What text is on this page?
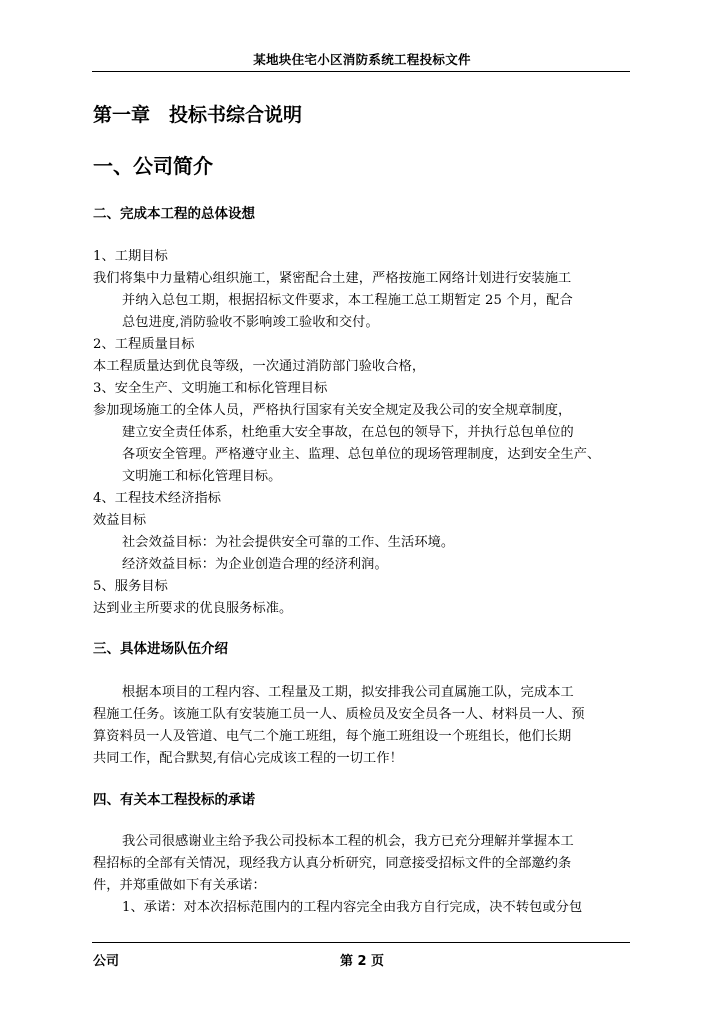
某地块住宅小区消防系统工程投标文件
第一章　投标书综合说明
一、公司简介
二、完成本工程的总体设想
1、工期目标
我们将集中力量精心组织施工，紧密配合土建，严格按施工网络计划进行安装施工
并纳入总包工期，根据招标文件要求，本工程施工总工期暂定 25 个月，配合
总包进度,消防验收不影响竣工验收和交付。
2、工程质量目标
本工程质量达到优良等级，一次通过消防部门验收合格，
3、安全生产、文明施工和标化管理目标
参加现场施工的全体人员，严格执行国家有关安全规定及我公司的安全规章制度，
建立安全责任体系，杜绝重大安全事故，在总包的领导下，并执行总包单位的
各项安全管理。严格遵守业主、监理、总包单位的现场管理制度，达到安全生产、
文明施工和标化管理目标。
4、工程技术经济指标
效益目标
社会效益目标：为社会提供安全可靠的工作、生活环境。
经济效益目标：为企业创造合理的经济利润。
5、服务目标
达到业主所要求的优良服务标准。
三、具体进场队伍介绍
根据本项目的工程内容、工程量及工期，拟安排我公司直属施工队，完成本工
程施工任务。该施工队有安装施工员一人、质检员及安全员各一人、材料员一人、预
算资料员一人及管道、电气二个施工班组，每个施工班组设一个班组长，他们长期
共同工作，配合默契,有信心完成该工程的一切工作！
四、有关本工程投标的承诺
我公司很感谢业主给予我公司投标本工程的机会，我方已充分理解并掌握本工
程招标的全部有关情况，现经我方认真分析研究，同意接受招标文件的全部邀约条
件，并郑重做如下有关承诺：
1、承诺：对本次招标范围内的工程内容完全由我方自行完成，决不转包或分包
公司	第 2 页
